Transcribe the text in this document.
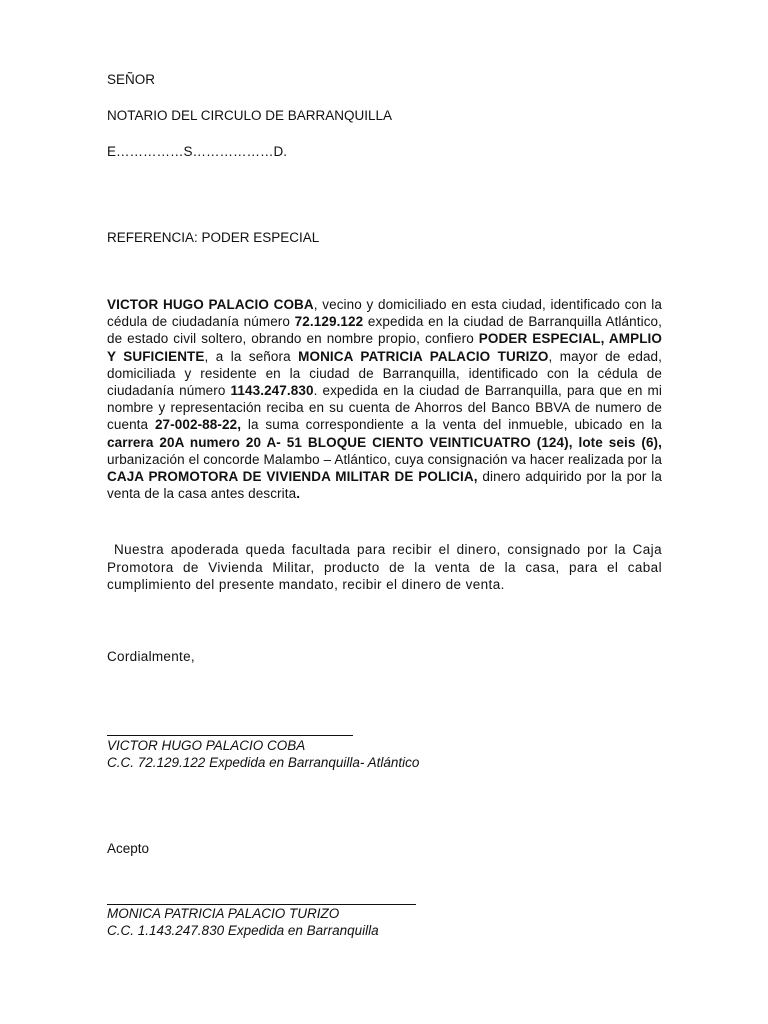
SEÑOR
NOTARIO DEL CIRCULO DE BARRANQUILLA
E……………S………………D.
REFERENCIA: PODER ESPECIAL
VICTOR HUGO PALACIO COBA, vecino y domiciliado en esta ciudad, identificado con la cédula de ciudadanía número 72.129.122 expedida en la ciudad de Barranquilla Atlántico, de estado civil soltero, obrando en nombre propio, confiero PODER ESPECIAL, AMPLIO Y SUFICIENTE, a la señora MONICA PATRICIA PALACIO TURIZO, mayor de edad, domiciliada y residente en la ciudad de Barranquilla, identificado con la cédula de ciudadanía número 1143.247.830. expedida en la ciudad de Barranquilla, para que en mi nombre y representación reciba en su cuenta de Ahorros del Banco BBVA de numero de cuenta 27-002-88-22, la suma correspondiente a la venta del inmueble, ubicado en la carrera 20A numero 20 A- 51 BLOQUE CIENTO VEINTICUATRO (124), lote seis (6), urbanización el concorde Malambo – Atlántico, cuya consignación va hacer realizada por la CAJA PROMOTORA DE VIVIENDA MILITAR DE POLICIA, dinero adquirido por la por la venta de la casa antes descrita.
Nuestra apoderada queda facultada para recibir el dinero, consignado por la Caja Promotora de Vivienda Militar, producto de la venta de la casa, para el cabal cumplimiento del presente mandato, recibir el dinero de venta.
Cordialmente,
VICTOR HUGO PALACIO COBA
C.C. 72.129.122 Expedida en Barranquilla- Atlántico
Acepto
MONICA PATRICIA PALACIO TURIZO
C.C. 1.143.247.830 Expedida en Barranquilla
